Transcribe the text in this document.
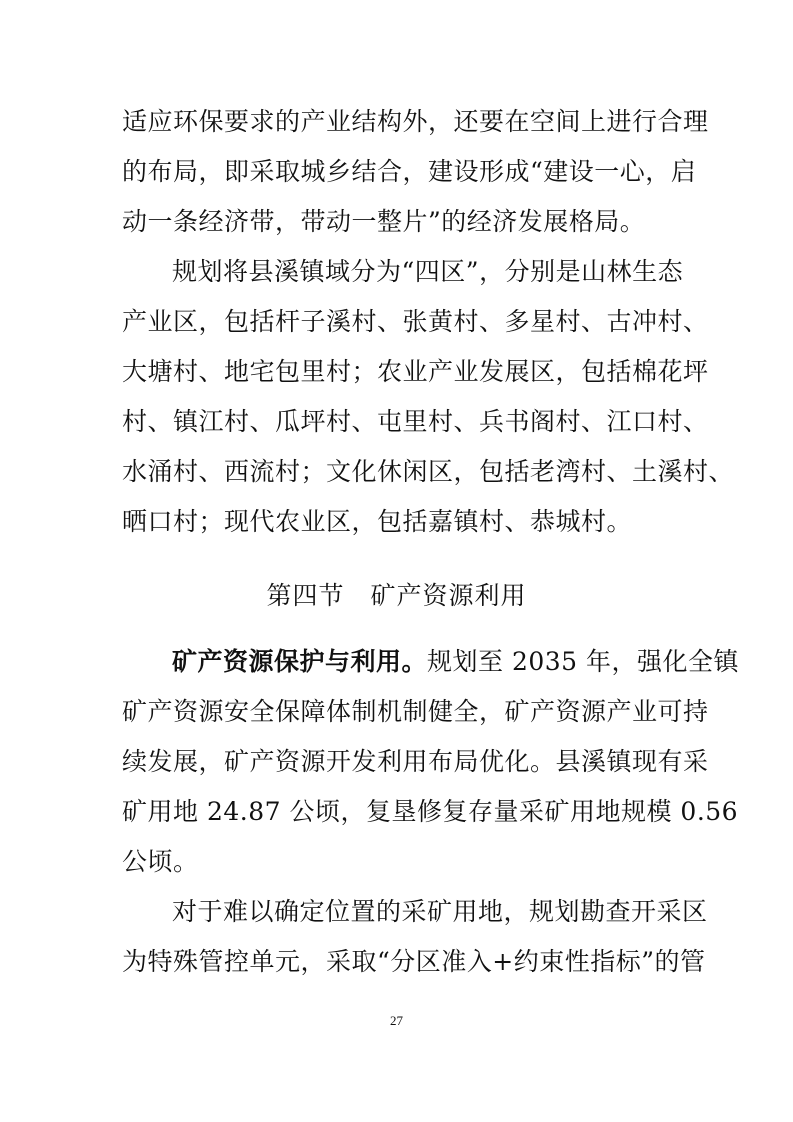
适应环保要求的产业结构外，还要在空间上进行合理
的布局，即采取城乡结合，建设形成“建设一心，启
动一条经济带，带动一整片”的经济发展格局。
规划将县溪镇域分为“四区”，分别是山林生态
产业区，包括杆子溪村、张黄村、多星村、古冲村、
大塘村、地宅包里村；农业产业发展区，包括棉花坪
村、镇江村、瓜坪村、屯里村、兵书阁村、江口村、
水涌村、西流村；文化休闲区，包括老湾村、土溪村、
晒口村；现代农业区，包括嘉镇村、恭城村。
第四节 矿产资源利用
矿产资源保护与利用。规划至 2035 年，强化全镇
矿产资源安全保障体制机制健全，矿产资源产业可持
续发展，矿产资源开发利用布局优化。县溪镇现有采
矿用地 24.87 公顷，复垦修复存量采矿用地规模 0.56
公顷。
对于难以确定位置的采矿用地，规划勘查开采区
为特殊管控单元，采取“分区准入+约束性指标”的管
27
